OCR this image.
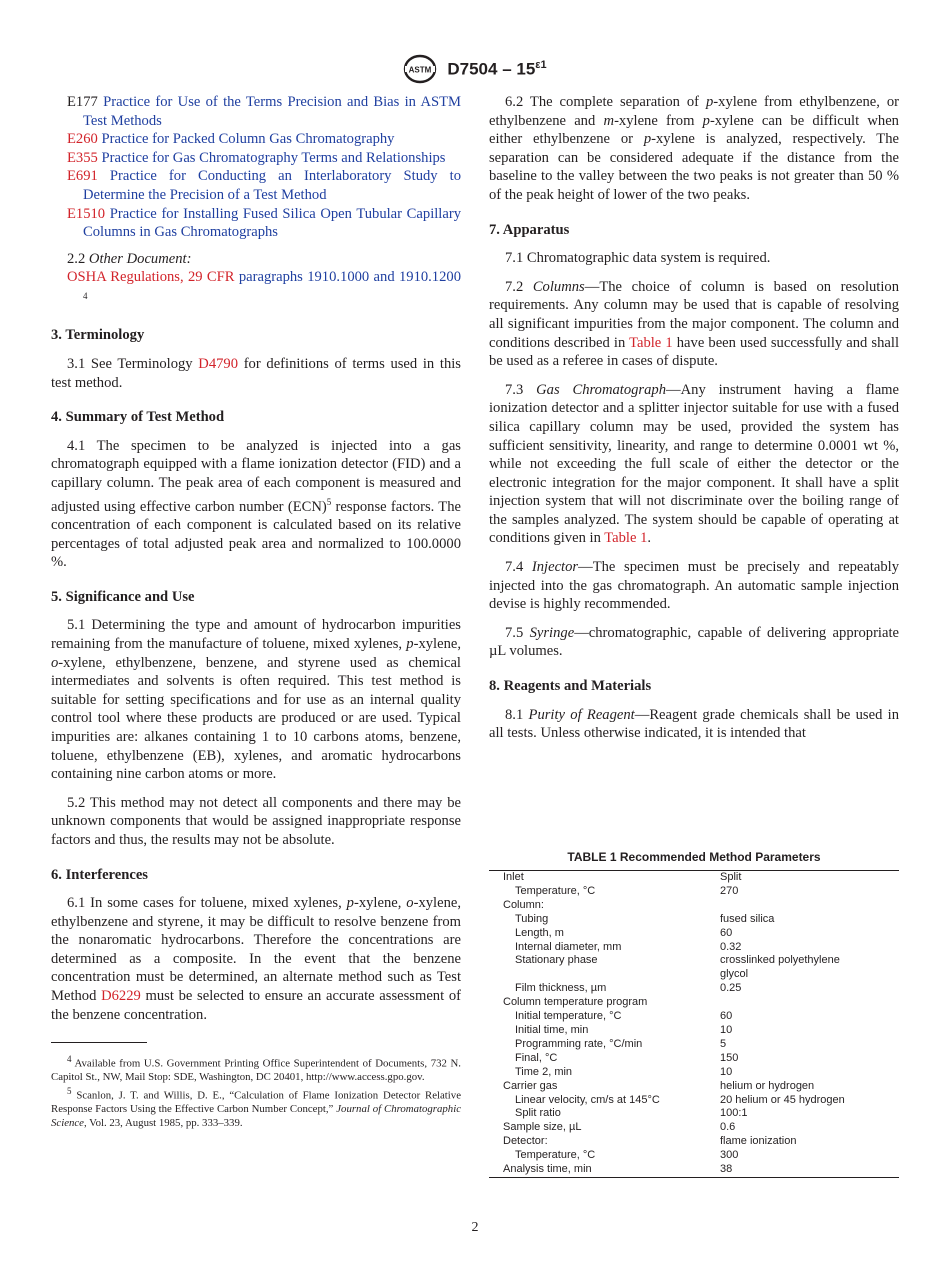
ASTM $D7504 - 15^{\varepsilon 1}$

E177 Practice for Use of the Terms Precision and Bias in ASTM Test Methods

E260 Practice for Packed Column Gas Chromatography

E355 Practice for Gas Chromatography Terms and Relationships

E691 Practice for Conducting an Interlaboratory Study to Determine the Precision of a Test Method

E1510 Practice for Installing Fused Silica Open Tubular Capillary Columns in Gas Chromatographs

2.2 Other Document:

OSHA Regulations, 29 CFR paragraphs 1910.1000 and 1910.1200 $^4$

3. Terminology

3.1 See Terminology D4790 for definitions of terms used in this test method.

4. Summary of Test Method

4.1 The specimen to be analyzed is injected into a gas chromatograph equipped with a flame ionization detector (FID) and a capillary column. The peak area of each component is measured and adjusted using effective carbon number (ECN)$^5$ response factors. The concentration of each component is calculated based on its relative percentages of total adjusted peak area and normalized to 100.0000 %.

5. Significance and Use

5.1 Determining the type and amount of hydrocarbon impurities remaining from the manufacture of toluene, mixed xylenes, p-xylene, o-xylene, ethylbenzene, benzene, and styrene used as chemical intermediates and solvents is often required. This test method is suitable for setting specifications and for use as an internal quality control tool where these products are produced or are used. Typical impurities are: alkanes containing 1 to 10 carbons atoms, benzene, toluene, ethylbenzene (EB), xylenes, and aromatic hydrocarbons containing nine carbon atoms or more.

5.2 This method may not detect all components and there may be unknown components that would be assigned inappropriate response factors and thus, the results may not be absolute.

6. Interferences

6.1 In some cases for toluene, mixed xylenes, p-xylene, o-xylene, ethylbenzene and styrene, it may be difficult to resolve benzene from the nonaromatic hydrocarbons. Therefore the concentrations are determined as a composite. In the event that the benzene concentration must be determined, an alternate method such as Test Method D6229 must be selected to ensure an accurate assessment of the benzene concentration.

$^4$ Available from U.S. Government Printing Office Superintendent of Documents, 732 N. Capitol St., NW, Mail Stop: SDE, Washington, DC 20401, http://www.access.gpo.gov.

$^5$ Scanlon, J. T. and Willis, D. E., “Calculation of Flame Ionization Detector Relative Response Factors Using the Effective Carbon Number Concept,” Journal of Chromatographic Science, Vol. 23, August 1985, pp. 333–339.

6.2 The complete separation of p-xylene from ethylbenzene, or ethylbenzene and m-xylene from p-xylene can be difficult when either ethylbenzene or p-xylene is analyzed, respectively. The separation can be considered adequate if the distance from the baseline to the valley between the two peaks is not greater than 50 % of the peak height of lower of the two peaks.

7. Apparatus

7.1 Chromatographic data system is required.

7.2 Columns—The choice of column is based on resolution requirements. Any column may be used that is capable of resolving all significant impurities from the major component. The column and conditions described in Table 1 have been used successfully and shall be used as a referee in cases of dispute.

7.3 Gas Chromatograph—Any instrument having a flame ionization detector and a splitter injector suitable for use with a fused silica capillary column may be used, provided the system has sufficient sensitivity, linearity, and range to determine 0.0001 wt %, while not exceeding the full scale of either the detector or the electronic integration for the major component. It shall have a split injection system that will not discriminate over the boiling range of the samples analyzed. The system should be capable of operating at conditions given in Table 1.

7.4 Injector—The specimen must be precisely and repeatably injected into the gas chromatograph. An automatic sample injection devise is highly recommended.

7.5 Syringe—chromatographic, capable of delivering appropriate µL volumes.

8. Reagents and Materials

8.1 Purity of Reagent—Reagent grade chemicals shall be used in all tests. Unless otherwise indicated, it is intended that

TABLE 1 Recommended Method Parameters

Inlet	Split
Temperature, °C	270
Column:	
Tubing	fused silica
Length, m	60
Internal diameter, mm	0.32
Stationary phase	crosslinked polyethylene
	glycol
Film thickness, µm	0.25
Column temperature program	
Initial temperature, °C	60
Initial time, min	10
Programming rate, °C/min	5
Final, °C	150
Time 2, min	10
Carrier gas	helium or hydrogen
Linear velocity, cm/s at 145°C	20 helium or 45 hydrogen
Split ratio	100:1
Sample size, µL	0.6
Detector:	flame ionization
Temperature, °C	300
Analysis time, min	38
2
